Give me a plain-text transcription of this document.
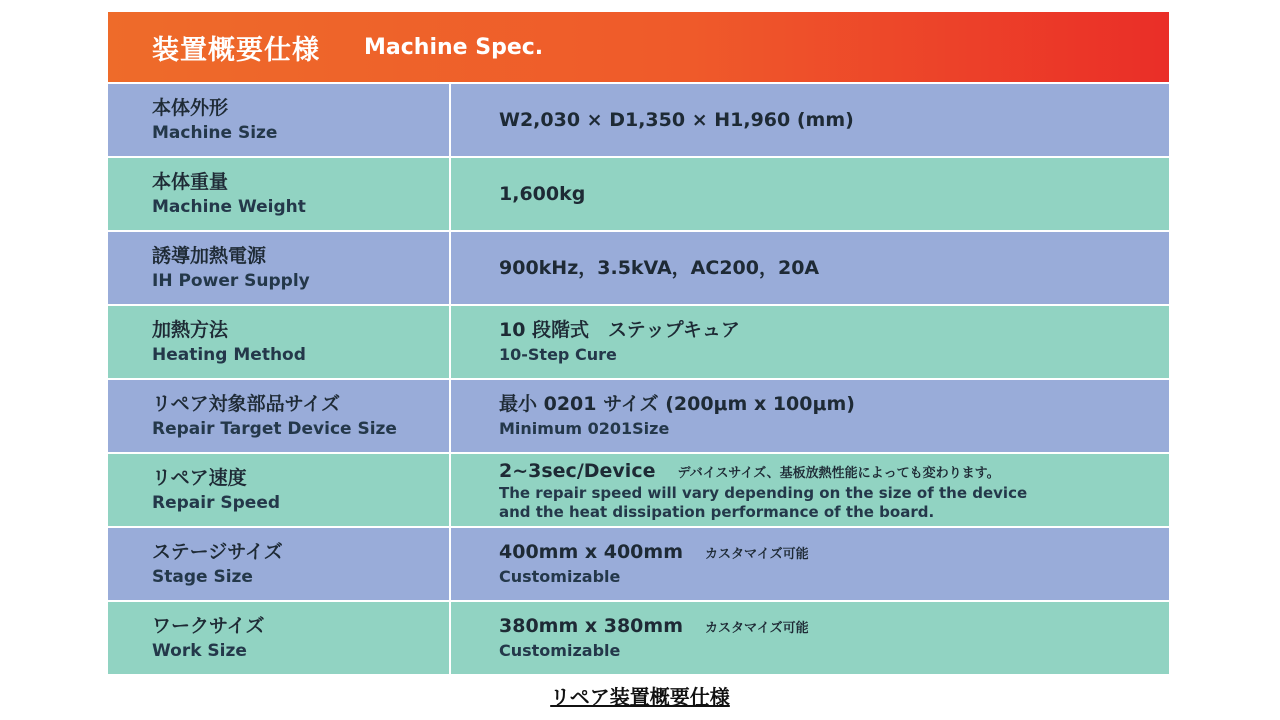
装置概要仕様 Machine Spec.
本体外形
Machine Size
W2,030 × D1,350 × H1,960 (mm)
本体重量
Machine Weight
1,600kg
誘導加熱電源
IH Power Supply
900kHz，3.5kVA，AC200，20A
加熱方法
Heating Method
10 段階式　ステップキュア
10-Step Cure
リペア対象部品サイズ
Repair Target Device Size
最小 0201 サイズ (200μm x 100μm)
Minimum 0201Size
リペア速度
Repair Speed
2~3sec/Device デバイスサイズ、基板放熱性能によっても変わります。
The repair speed will vary depending on the size of the device
and the heat dissipation performance of the board.
ステージサイズ
Stage Size
400mm x 400mm カスタマイズ可能
Customizable
ワークサイズ
Work Size
380mm x 380mm カスタマイズ可能
Customizable
リペア装置概要仕様
